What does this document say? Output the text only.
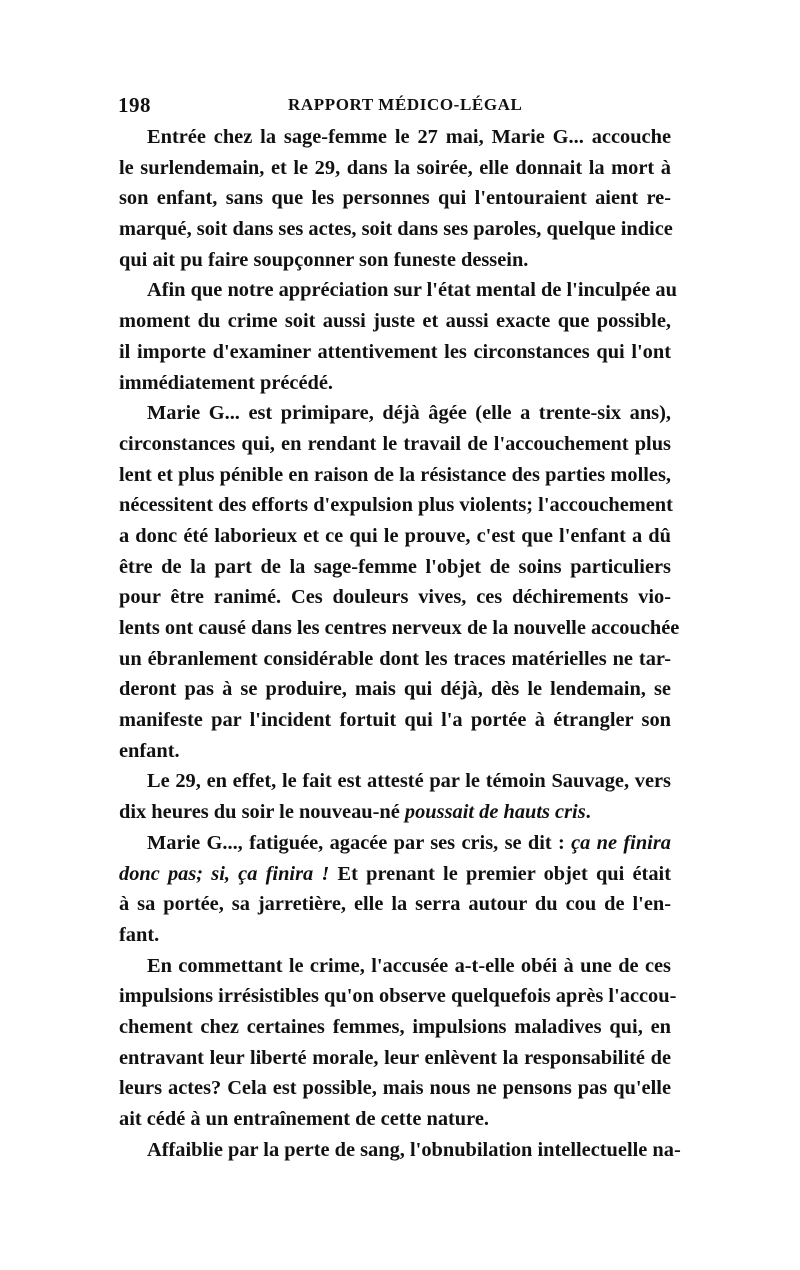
198	RAPPORT MÉDICO-LÉGAL
Entrée chez la sage-femme le 27 mai, Marie G... accouche
le surlendemain, et le 29, dans la soirée, elle donnait la mort à
son enfant, sans que les personnes qui l'entouraient aient re-
marqué, soit dans ses actes, soit dans ses paroles, quelque indice
qui ait pu faire soupçonner son funeste dessein.
Afin que notre appréciation sur l'état mental de l'inculpée au
moment du crime soit aussi juste et aussi exacte que possible,
il importe d'examiner attentivement les circonstances qui l'ont
immédiatement précédé.
Marie G... est primipare, déjà âgée (elle a trente-six ans),
circonstances qui, en rendant le travail de l'accouchement plus
lent et plus pénible en raison de la résistance des parties molles,
nécessitent des efforts d'expulsion plus violents; l'accouchement
a donc été laborieux et ce qui le prouve, c'est que l'enfant a dû
être de la part de la sage-femme l'objet de soins particuliers
pour être ranimé. Ces douleurs vives, ces déchirements vio-
lents ont causé dans les centres nerveux de la nouvelle accouchée
un ébranlement considérable dont les traces matérielles ne tar-
deront pas à se produire, mais qui déjà, dès le lendemain, se
manifeste par l'incident fortuit qui l'a portée à étrangler son
enfant.
Le 29, en effet, le fait est attesté par le témoin Sauvage, vers
dix heures du soir le nouveau-né poussait de hauts cris.
Marie G..., fatiguée, agacée par ses cris, se dit : ça ne finira
donc pas; si, ça finira ! Et prenant le premier objet qui était
à sa portée, sa jarretière, elle la serra autour du cou de l'en-
fant.
En commettant le crime, l'accusée a-t-elle obéi à une de ces
impulsions irrésistibles qu'on observe quelquefois après l'accou-
chement chez certaines femmes, impulsions maladives qui, en
entravant leur liberté morale, leur enlèvent la responsabilité de
leurs actes? Cela est possible, mais nous ne pensons pas qu'elle
ait cédé à un entraînement de cette nature.
Affaiblie par la perte de sang, l'obnubilation intellectuelle na-
